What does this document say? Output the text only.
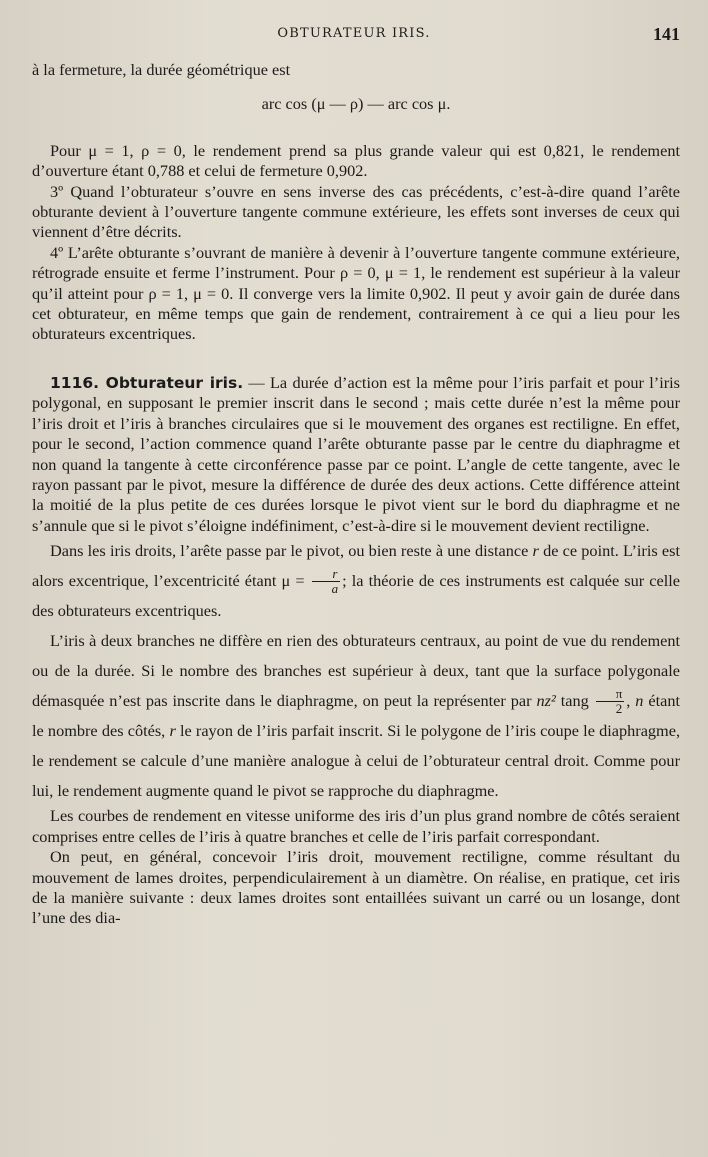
OBTURATEUR IRIS.	141

à la fermeture, la durée géométrique est

arc cos (μ — ρ) — arc cos μ.

Pour μ = 1, ρ = 0, le rendement prend sa plus grande valeur qui est 0,821, le rendement d’ouverture étant 0,788 et celui de fermeture 0,902.

3º Quand l’obturateur s’ouvre en sens inverse des cas précédents, c’est-à-dire quand l’arête obturante devient à l’ouverture tangente commune extérieure, les effets sont inverses de ceux qui viennent d’être décrits.

4º L’arête obturante s’ouvrant de manière à devenir à l’ouverture tangente commune extérieure, rétrograde ensuite et ferme l’instrument. Pour ρ = 0, μ = 1, le rendement est supérieur à la valeur qu’il atteint pour ρ = 1, μ = 0. Il converge vers la limite 0,902. Il peut y avoir gain de durée dans cet obturateur, en même temps que gain de rendement, contrairement à ce qui a lieu pour les obturateurs excentriques.

1116. Obturateur iris. — La durée d’action est la même pour l’iris parfait et pour l’iris polygonal, en supposant le premier inscrit dans le second ; mais cette durée n’est la même pour l’iris droit et l’iris à branches circulaires que si le mouvement des organes est rectiligne. En effet, pour le second, l’action commence quand l’arête obturante passe par le centre du diaphragme et non quand la tangente à cette circonférence passe par ce point. L’angle de cette tangente, avec le rayon passant par le pivot, mesure la différence de durée des deux actions. Cette différence atteint la moitié de la plus petite de ces durées lorsque le pivot vient sur le bord du diaphragme et ne s’annule que si le pivot s’éloigne indéfiniment, c’est-à-dire si le mouvement devient rectiligne.

Dans les iris droits, l’arête passe par le pivot, ou bien reste à une distance r de ce point. L’iris est alors excentrique, l’excentricité étant $\mu = \frac{r}{a}$ ; la théorie de ces instruments est calquée sur celle des obturateurs excentriques.

L’iris à deux branches ne diffère en rien des obturateurs centraux, au point de vue du rendement ou de la durée. Si le nombre des branches est supérieur à deux, tant que la surface polygonale démasquée n’est pas inscrite dans le diaphragme, on peut la représenter par nz² tang $\frac{\pi}{2}$ , n étant le nombre des côtés, r le rayon de l’iris parfait inscrit. Si le polygone de l’iris coupe le diaphragme, le rendement se calcule d’une manière analogue à celui de l’obturateur central droit. Comme pour lui, le rendement augmente quand le pivot se rapproche du diaphragme.

Les courbes de rendement en vitesse uniforme des iris d’un plus grand nombre de côtés seraient comprises entre celles de l’iris à quatre branches et celle de l’iris parfait correspondant.

On peut, en général, concevoir l’iris droit, mouvement rectiligne, comme résultant du mouvement de lames droites, perpendiculairement à un diamètre. On réalise, en pratique, cet iris de la manière suivante : deux lames droites sont entaillées suivant un carré ou un losange, dont l’une des dia-
